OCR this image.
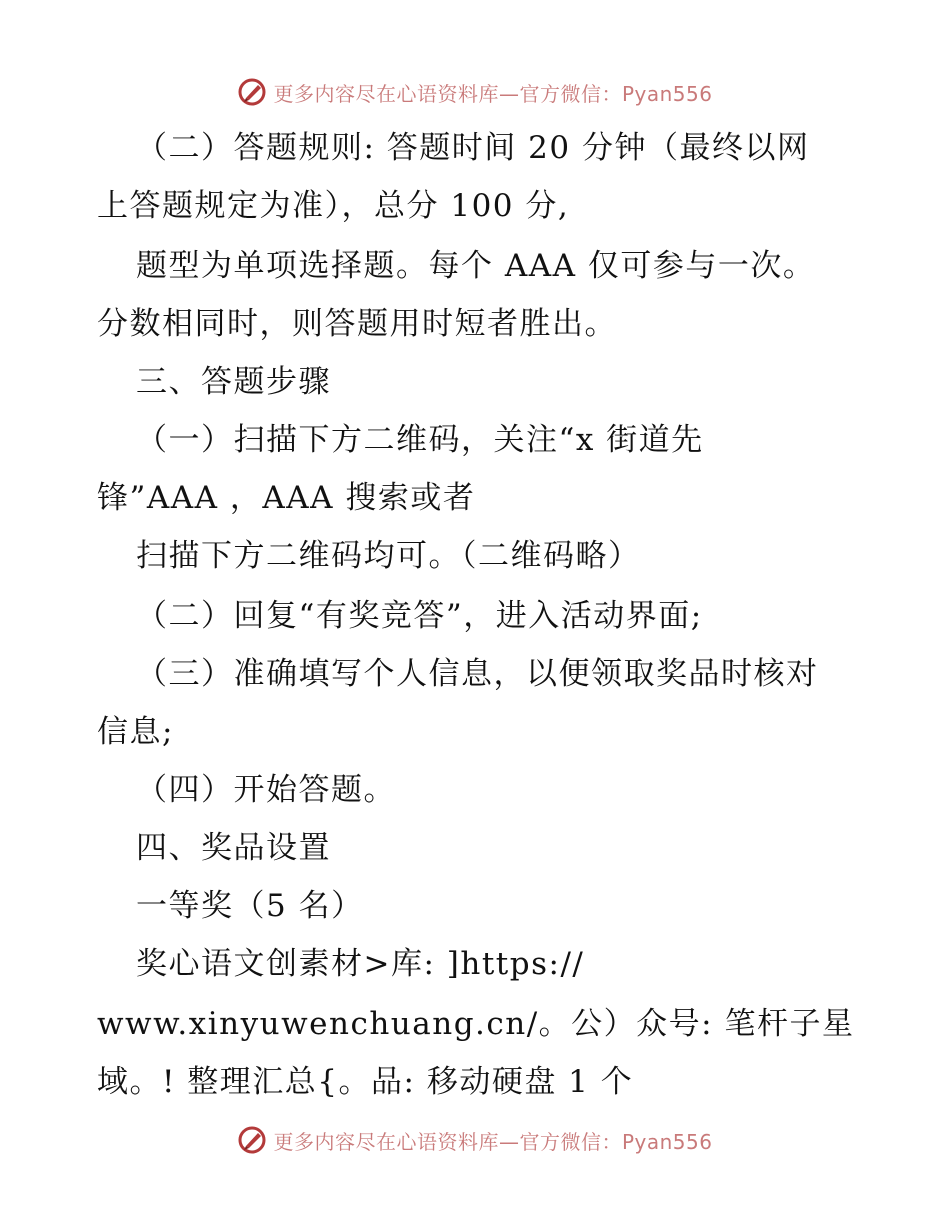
更多内容尽在心语资料库—官方微信：Pyan556
（二）答题规则: 答题时间 20 分钟（最终以网
上答题规定为准），总分 100 分,
题型为单项选择题。每个 AAA 仅可参与一次。
分数相同时，则答题用时短者胜出。
三、答题步骤
（一）扫描下方二维码，关注“x 街道先
锋”AAA ，AAA 搜索或者
扫描下方二维码均可。（二维码略）
（二）回复“有奖竞答”，进入活动界面;
（三）准确填写个人信息，以便领取奖品时核对
信息;
（四）开始答题。
四、奖品设置
一等奖（5 名）
奖心语文创素材>库: ]https://
www.xinyuwenchuang.cn/。公）众号: 笔杆子星
域。! 整理汇总{。品: 移动硬盘 1 个
更多内容尽在心语资料库—官方微信：Pyan556
